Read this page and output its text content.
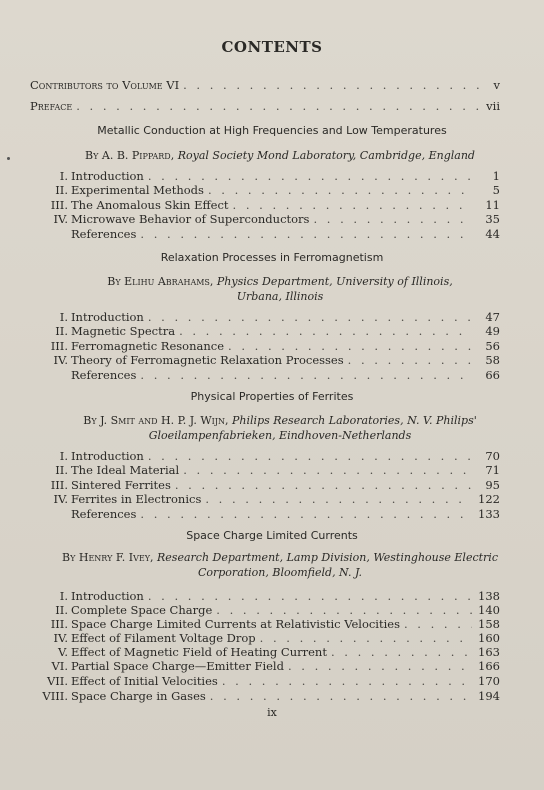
CONTENTS
Contributors to Volume VI . . .	v
Preface . . .	vii
Metallic Conduction at High Frequencies and Low Temperatures
By A. B. Pippard, Royal Society Mond Laboratory, Cambridge, England
I. Introduction . . .	1
II. Experimental Methods . . .	5
III. The Anomalous Skin Effect . . .	11
IV. Microwave Behavior of Superconductors . . .	35
References . . .	44
Relaxation Processes in Ferromagnetism
By Elihu Abrahams, Physics Department, University of Illinois,
Urbana, Illinois
I. Introduction . . .	47
II. Magnetic Spectra . . .	49
III. Ferromagnetic Resonance . . .	56
IV. Theory of Ferromagnetic Relaxation Processes . . .	58
References . . .	66
Physical Properties of Ferrites
By J. Smit and H. P. J. Wijn, Philips Research Laboratories, N. V. Philips'
Gloeilampenfabrieken, Eindhoven-Netherlands
I. Introduction . . .	70
II. The Ideal Material . . .	71
III. Sintered Ferrites . . .	95
IV. Ferrites in Electronics . . .	122
References . . .	133
Space Charge Limited Currents
By Henry F. Ivey, Research Department, Lamp Division, Westinghouse Electric
Corporation, Bloomfield, N. J.
I. Introduction . . .	138
II. Complete Space Charge . . .	140
III. Space Charge Limited Currents at Relativistic Velocities . . .	158
IV. Effect of Filament Voltage Drop . . .	160
V. Effect of Magnetic Field of Heating Current . . .	163
VI. Partial Space Charge—Emitter Field . . .	166
VII. Effect of Initial Velocities . . .	170
VIII. Space Charge in Gases . . .	194
ix
